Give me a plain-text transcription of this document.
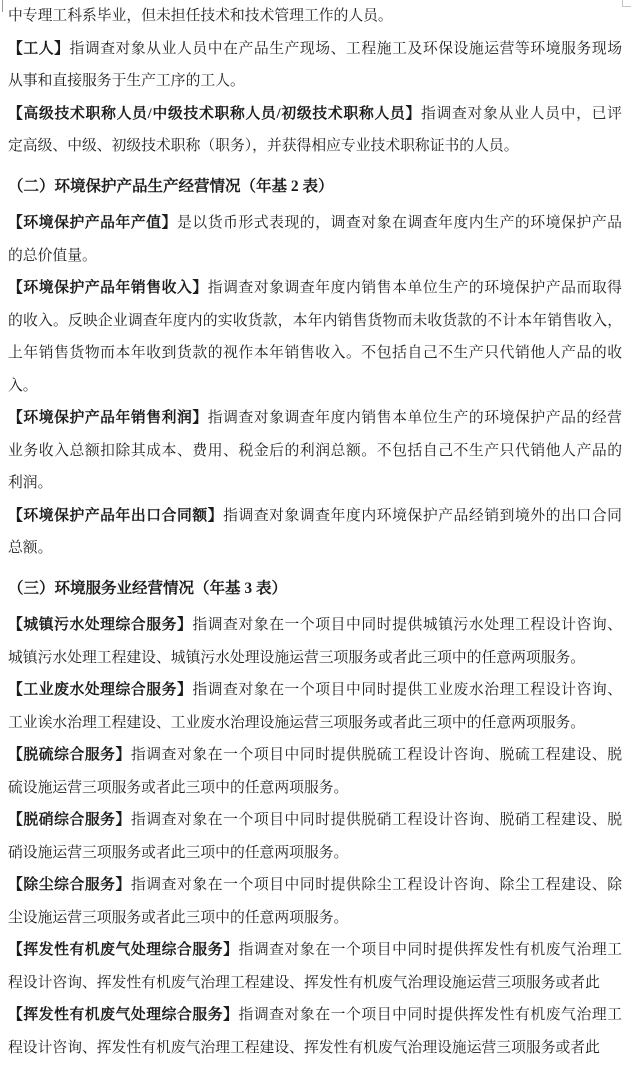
中专理工科系毕业，但未担任技术和技术管理工作的人员。
【工人】指调查对象从业人员中在产品生产现场、工程施工及环保设施运营等环境服务现场
从事和直接服务于生产工序的工人。
【高级技术职称人员/中级技术职称人员/初级技术职称人员】指调查对象从业人员中，已评
定高级、中级、初级技术职称（职务），并获得相应专业技术职称证书的人员。
（二）环境保护产品生产经营情况（年基 2 表）
【环境保护产品年产值】是以货币形式表现的，调查对象在调查年度内生产的环境保护产品
的总价值量。
【环境保护产品年销售收入】指调查对象调查年度内销售本单位生产的环境保护产品而取得
的收入。反映企业调查年度内的实收货款，本年内销售货物而未收货款的不计本年销售收入，
上年销售货物而本年收到货款的视作本年销售收入。不包括自己不生产只代销他人产品的收
入。
【环境保护产品年销售利润】指调查对象调查年度内销售本单位生产的环境保护产品的经营
业务收入总额扣除其成本、费用、税金后的利润总额。不包括自己不生产只代销他人产品的
利润。
【环境保护产品年出口合同额】指调查对象调查年度内环境保护产品经销到境外的出口合同
总额。
（三）环境服务业经营情况（年基 3 表）
【城镇污水处理综合服务】指调查对象在一个项目中同时提供城镇污水处理工程设计咨询、
城镇污水处理工程建设、城镇污水处理设施运营三项服务或者此三项中的任意两项服务。
【工业废水处理综合服务】指调查对象在一个项目中同时提供工业废水治理工程设计咨询、
工业诶水治理工程建设、工业废水治理设施运营三项服务或者此三项中的任意两项服务。
【脱硫综合服务】指调查对象在一个项目中同时提供脱硫工程设计咨询、脱硫工程建设、脱
硫设施运营三项服务或者此三项中的任意两项服务。
【脱硝综合服务】指调查对象在一个项目中同时提供脱硝工程设计咨询、脱硝工程建设、脱
硝设施运营三项服务或者此三项中的任意两项服务。
【除尘综合服务】指调查对象在一个项目中同时提供除尘工程设计咨询、除尘工程建设、除
尘设施运营三项服务或者此三项中的任意两项服务。
【挥发性有机废气处理综合服务】指调查对象在一个项目中同时提供挥发性有机废气治理工
程设计咨询、挥发性有机废气治理工程建设、挥发性有机废气治理设施运营三项服务或者此
【挥发性有机废气处理综合服务】指调查对象在一个项目中同时提供挥发性有机废气治理工
程设计咨询、挥发性有机废气治理工程建设、挥发性有机废气治理设施运营三项服务或者此
